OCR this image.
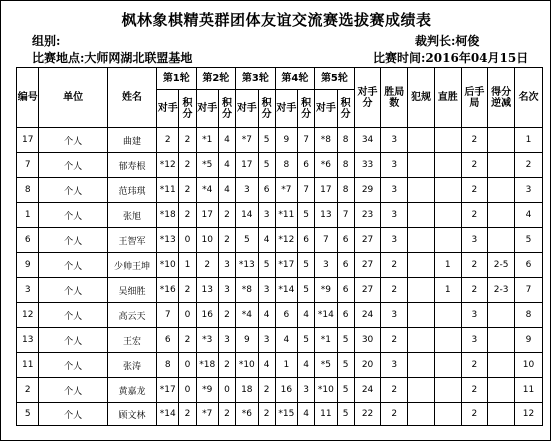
枫林象棋精英群团体友谊交流赛选拔赛成绩表
组别:	裁判长:柯俊
比赛地点:大师网湖北联盟基地	比赛时间:2016年04月15日
编号	单位	姓名	第1轮		第2轮		第3轮		第4轮		第5轮		对手分	胜局数	犯规	直胜	后手局	得分逆减	名次
			对手	积分	对手	积分	对手	积分	对手	积分	对手	积分							
17	个人	曲建	2	2	*1	4	*7	5	9	7	*8	8	34	3			2		1
7	个人	郁寿根	*12	2	*5	4	17	5	8	6	*6	8	33	3			2		2
8	个人	范玮琪	*11	2	*4	4	3	6	*7	7	17	8	29	3			2		3
1	个人	张旭	*18	2	17	2	14	3	*11	5	13	7	23	3			2		4
6	个人	王智军	*13	0	10	2	5	4	*12	6	7	6	27	3			3		5
9	个人	少帅王坤	*10	1	2	3	*13	5	*17	5	3	6	27	2		1	2	2-5	6
3	个人	吴细胜	*16	2	13	3	*8	3	*14	5	*9	6	27	2		1	2	2-3	7
12	个人	高云天	7	0	16	2	*4	4	6	4	*14	6	24	3			3		8
13	个人	王宏	6	2	*3	3	9	3	4	5	*1	5	30	2			3		9
11	个人	张涛	8	0	*18	2	*10	4	1	4	*5	5	20	3			2		10
2	个人	黄嘉龙	*17	0	*9	0	18	2	16	3	*10	5	24	2			2		11
5	个人	顾文林	*14	2	*7	2	*6	2	*15	4	11	5	22	2			2		12
